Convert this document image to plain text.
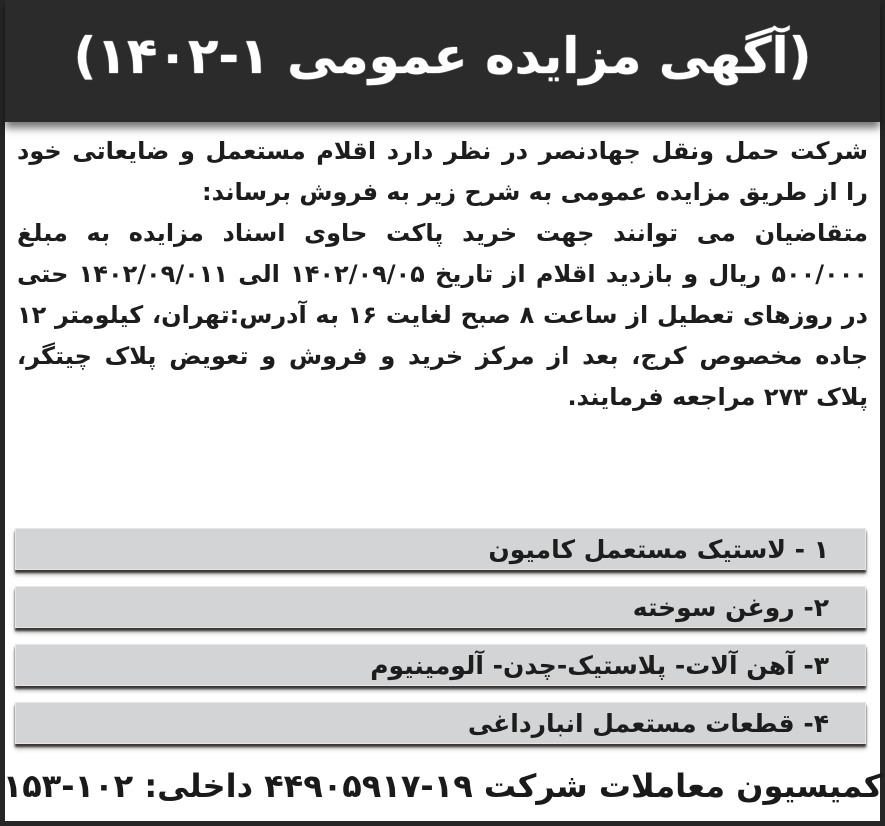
(آگهی مزایده عمومی ۱-۱۴۰۲)

شرکت حمل ونقل جهادنصر در نظر دارد اقلام مستعمل و ضایعاتی خود را از طریق مزایده عمومی به شرح زیر به فروش برساند:

متقاضیان می توانند جهت خرید پاکت حاوی اسناد مزایده به مبلغ ۵۰۰/۰۰۰ ریال و بازدید اقلام از تاریخ ۱۴۰۲/۰۹/۰۵ الی ۱۴۰۲/۰۹/۰۱۱ حتی در روزهای تعطیل از ساعت ۸ صبح لغایت ۱۶ به آدرس:تهران، کیلومتر ۱۲ جاده مخصوص کرج، بعد از مرکز خرید و فروش و تعویض پلاک چیتگر، پلاک ۲۷۳ مراجعه فرمایند.

۱ - لاستیک مستعمل کامیون
۲- روغن سوخته
۳- آهن آلات- پلاستیک-چدن- آلومینیوم
۴- قطعات مستعمل انبارداغی
کمیسیون معاملات شرکت ۱۹-۴۴۹۰۵۹۱۷ داخلی: ۱۰۲-۱۵۳
